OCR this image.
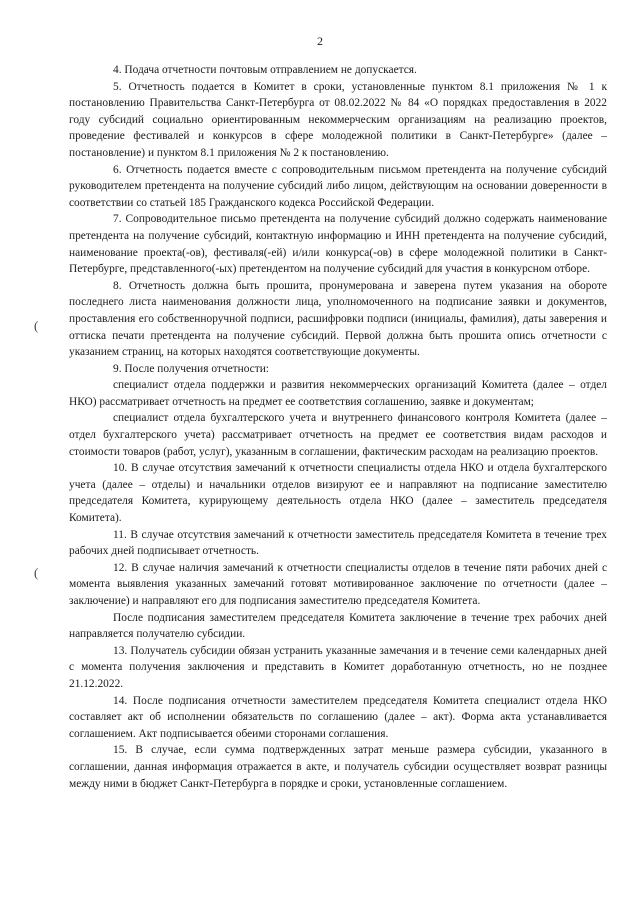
2
(
(

4. Подача отчетности почтовым отправлением не допускается.

5. Отчетность подается в Комитет в сроки, установленные пунктом 8.1 приложения № 1 к постановлению Правительства Санкт-Петербурга от 08.02.2022 № 84 «О порядках предоставления в 2022 году субсидий социально ориентированным некоммерческим организациям на реализацию проектов, проведение фестивалей и конкурсов в сфере молодежной политики в Санкт-Петербурге» (далее – постановление) и пунктом 8.1 приложения № 2 к постановлению.

6. Отчетность подается вместе с сопроводительным письмом претендента на получение субсидий руководителем претендента на получение субсидий либо лицом, действующим на основании доверенности в соответствии со статьей 185 Гражданского кодекса Российской Федерации.

7. Сопроводительное письмо претендента на получение субсидий должно содержать наименование претендента на получение субсидий, контактную информацию и ИНН претендента на получение субсидий, наименование проекта(-ов), фестиваля(-ей) и/или конкурса(-ов) в сфере молодежной политики в Санкт-Петербурге, представленного(-ых) претендентом на получение субсидий для участия в конкурсном отборе.

8. Отчетность должна быть прошита, пронумерована и заверена путем указания на обороте последнего листа наименования должности лица, уполномоченного на подписание заявки и документов, проставления его собственноручной подписи, расшифровки подписи (инициалы, фамилия), даты заверения и оттиска печати претендента на получение субсидий. Первой должна быть прошита опись отчетности с указанием страниц, на которых находятся соответствующие документы.

9. После получения отчетности:

специалист отдела поддержки и развития некоммерческих организаций Комитета (далее – отдел НКО) рассматривает отчетность на предмет ее соответствия соглашению, заявке и документам;

специалист отдела бухгалтерского учета и внутреннего финансового контроля Комитета (далее – отдел бухгалтерского учета) рассматривает отчетность на предмет ее соответствия видам расходов и стоимости товаров (работ, услуг), указанным в соглашении, фактическим расходам на реализацию проектов.

10. В случае отсутствия замечаний к отчетности специалисты отдела НКО и отдела бухгалтерского учета (далее – отделы) и начальники отделов визируют ее и направляют на подписание заместителю председателя Комитета, курирующему деятельность отдела НКО (далее – заместитель председателя Комитета).

11. В случае отсутствия замечаний к отчетности заместитель председателя Комитета в течение трех рабочих дней подписывает отчетность.

12. В случае наличия замечаний к отчетности специалисты отделов в течение пяти рабочих дней с момента выявления указанных замечаний готовят мотивированное заключение по отчетности (далее – заключение) и направляют его для подписания заместителю председателя Комитета.

После подписания заместителем председателя Комитета заключение в течение трех рабочих дней направляется получателю субсидии.

13. Получатель субсидии обязан устранить указанные замечания и в течение семи календарных дней с момента получения заключения и представить в Комитет доработанную отчетность, но не позднее 21.12.2022.

14. После подписания отчетности заместителем председателя Комитета специалист отдела НКО составляет акт об исполнении обязательств по соглашению (далее – акт). Форма акта устанавливается соглашением. Акт подписывается обеими сторонами соглашения.

15. В случае, если сумма подтвержденных затрат меньше размера субсидии, указанного в соглашении, данная информация отражается в акте, и получатель субсидии осуществляет возврат разницы между ними в бюджет Санкт-Петербурга в порядке и сроки, установленные соглашением.
